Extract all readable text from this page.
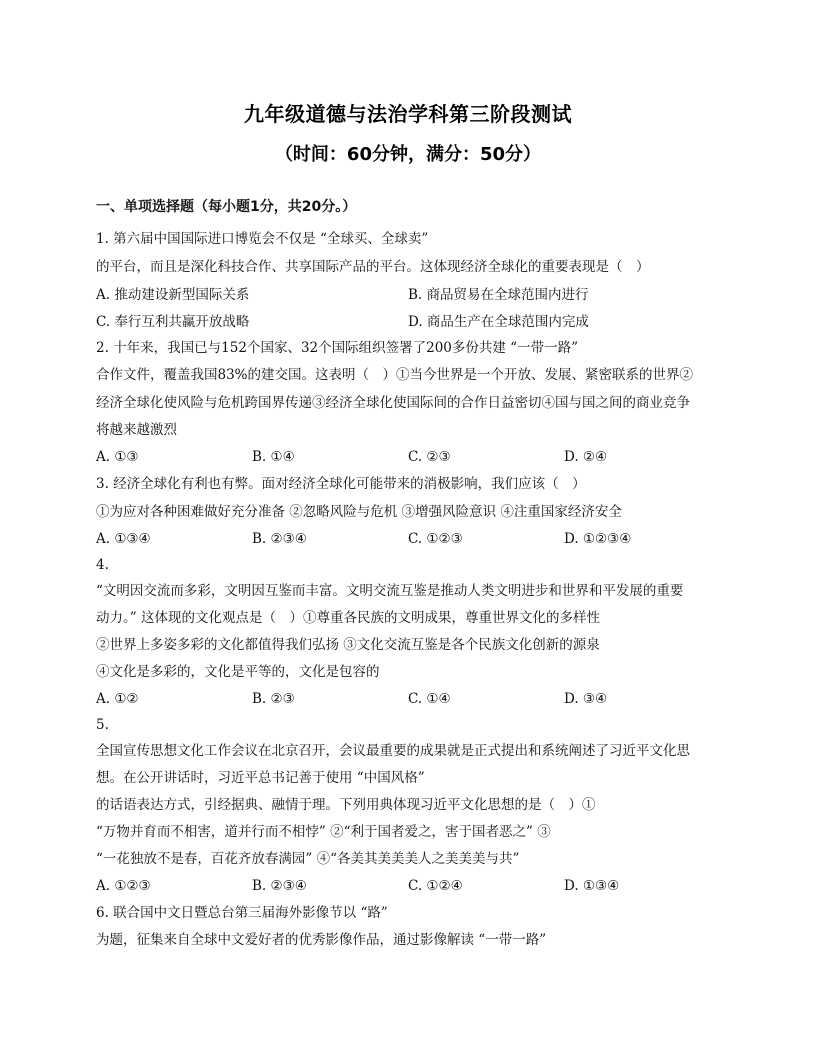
九年级道德与法治学科第三阶段测试
（时间：60分钟，满分：50分）
一、单项选择题（每小题1分，共20分。）
1. 第六届中国国际进口博览会不仅是 “全球买、全球卖”
的平台，而且是深化科技合作、共享国际产品的平台。这体现经济全球化的重要表现是（　）
A. 推动建设新型国际关系	B. 商品贸易在全球范围内进行
C. 奉行互利共赢开放战略	D. 商品生产在全球范围内完成
2. 十年来，我国已与152个国家、32个国际组织签署了200多份共建 “一带一路”
合作文件，覆盖我国83%的建交国。这表明（　）①当今世界是一个开放、发展、紧密联系的世界②
经济全球化使风险与危机跨国界传递③经济全球化使国际间的合作日益密切④国与国之间的商业竞争
将越来越激烈
A. ①③	B. ①④	C. ②③	D. ②④
3. 经济全球化有利也有弊。面对经济全球化可能带来的消极影响，我们应该（　）
①为应对各种困难做好充分准备 ②忽略风险与危机 ③增强风险意识 ④注重国家经济安全
A. ①③④	B. ②③④	C. ①②③	D. ①②③④
4.
“文明因交流而多彩，文明因互鉴而丰富。文明交流互鉴是推动人类文明进步和世界和平发展的重要
动力。” 这体现的文化观点是（　）①尊重各民族的文明成果，尊重世界文化的多样性
②世界上多姿多彩的文化都值得我们弘扬 ③文化交流互鉴是各个民族文化创新的源泉
④文化是多彩的，文化是平等的，文化是包容的
A. ①②	B. ②③	C. ①④	D. ③④
5.
全国宣传思想文化工作会议在北京召开，会议最重要的成果就是正式提出和系统阐述了习近平文化思
想。在公开讲话时，习近平总书记善于使用 “中国风格”
的话语表达方式，引经据典、融情于理。下列用典体现习近平文化思想的是（　）①
“万物并育而不相害，道并行而不相悖” ②“利于国者爱之，害于国者恶之” ③
“一花独放不是春，百花齐放春满园” ④“各美其美美美人之美美美与共”
A. ①②③	B. ②③④	C. ①②④	D. ①③④
6. 联合国中文日暨总台第三届海外影像节以 “路”
为题，征集来自全球中文爱好者的优秀影像作品，通过影像解读 “一带一路”
